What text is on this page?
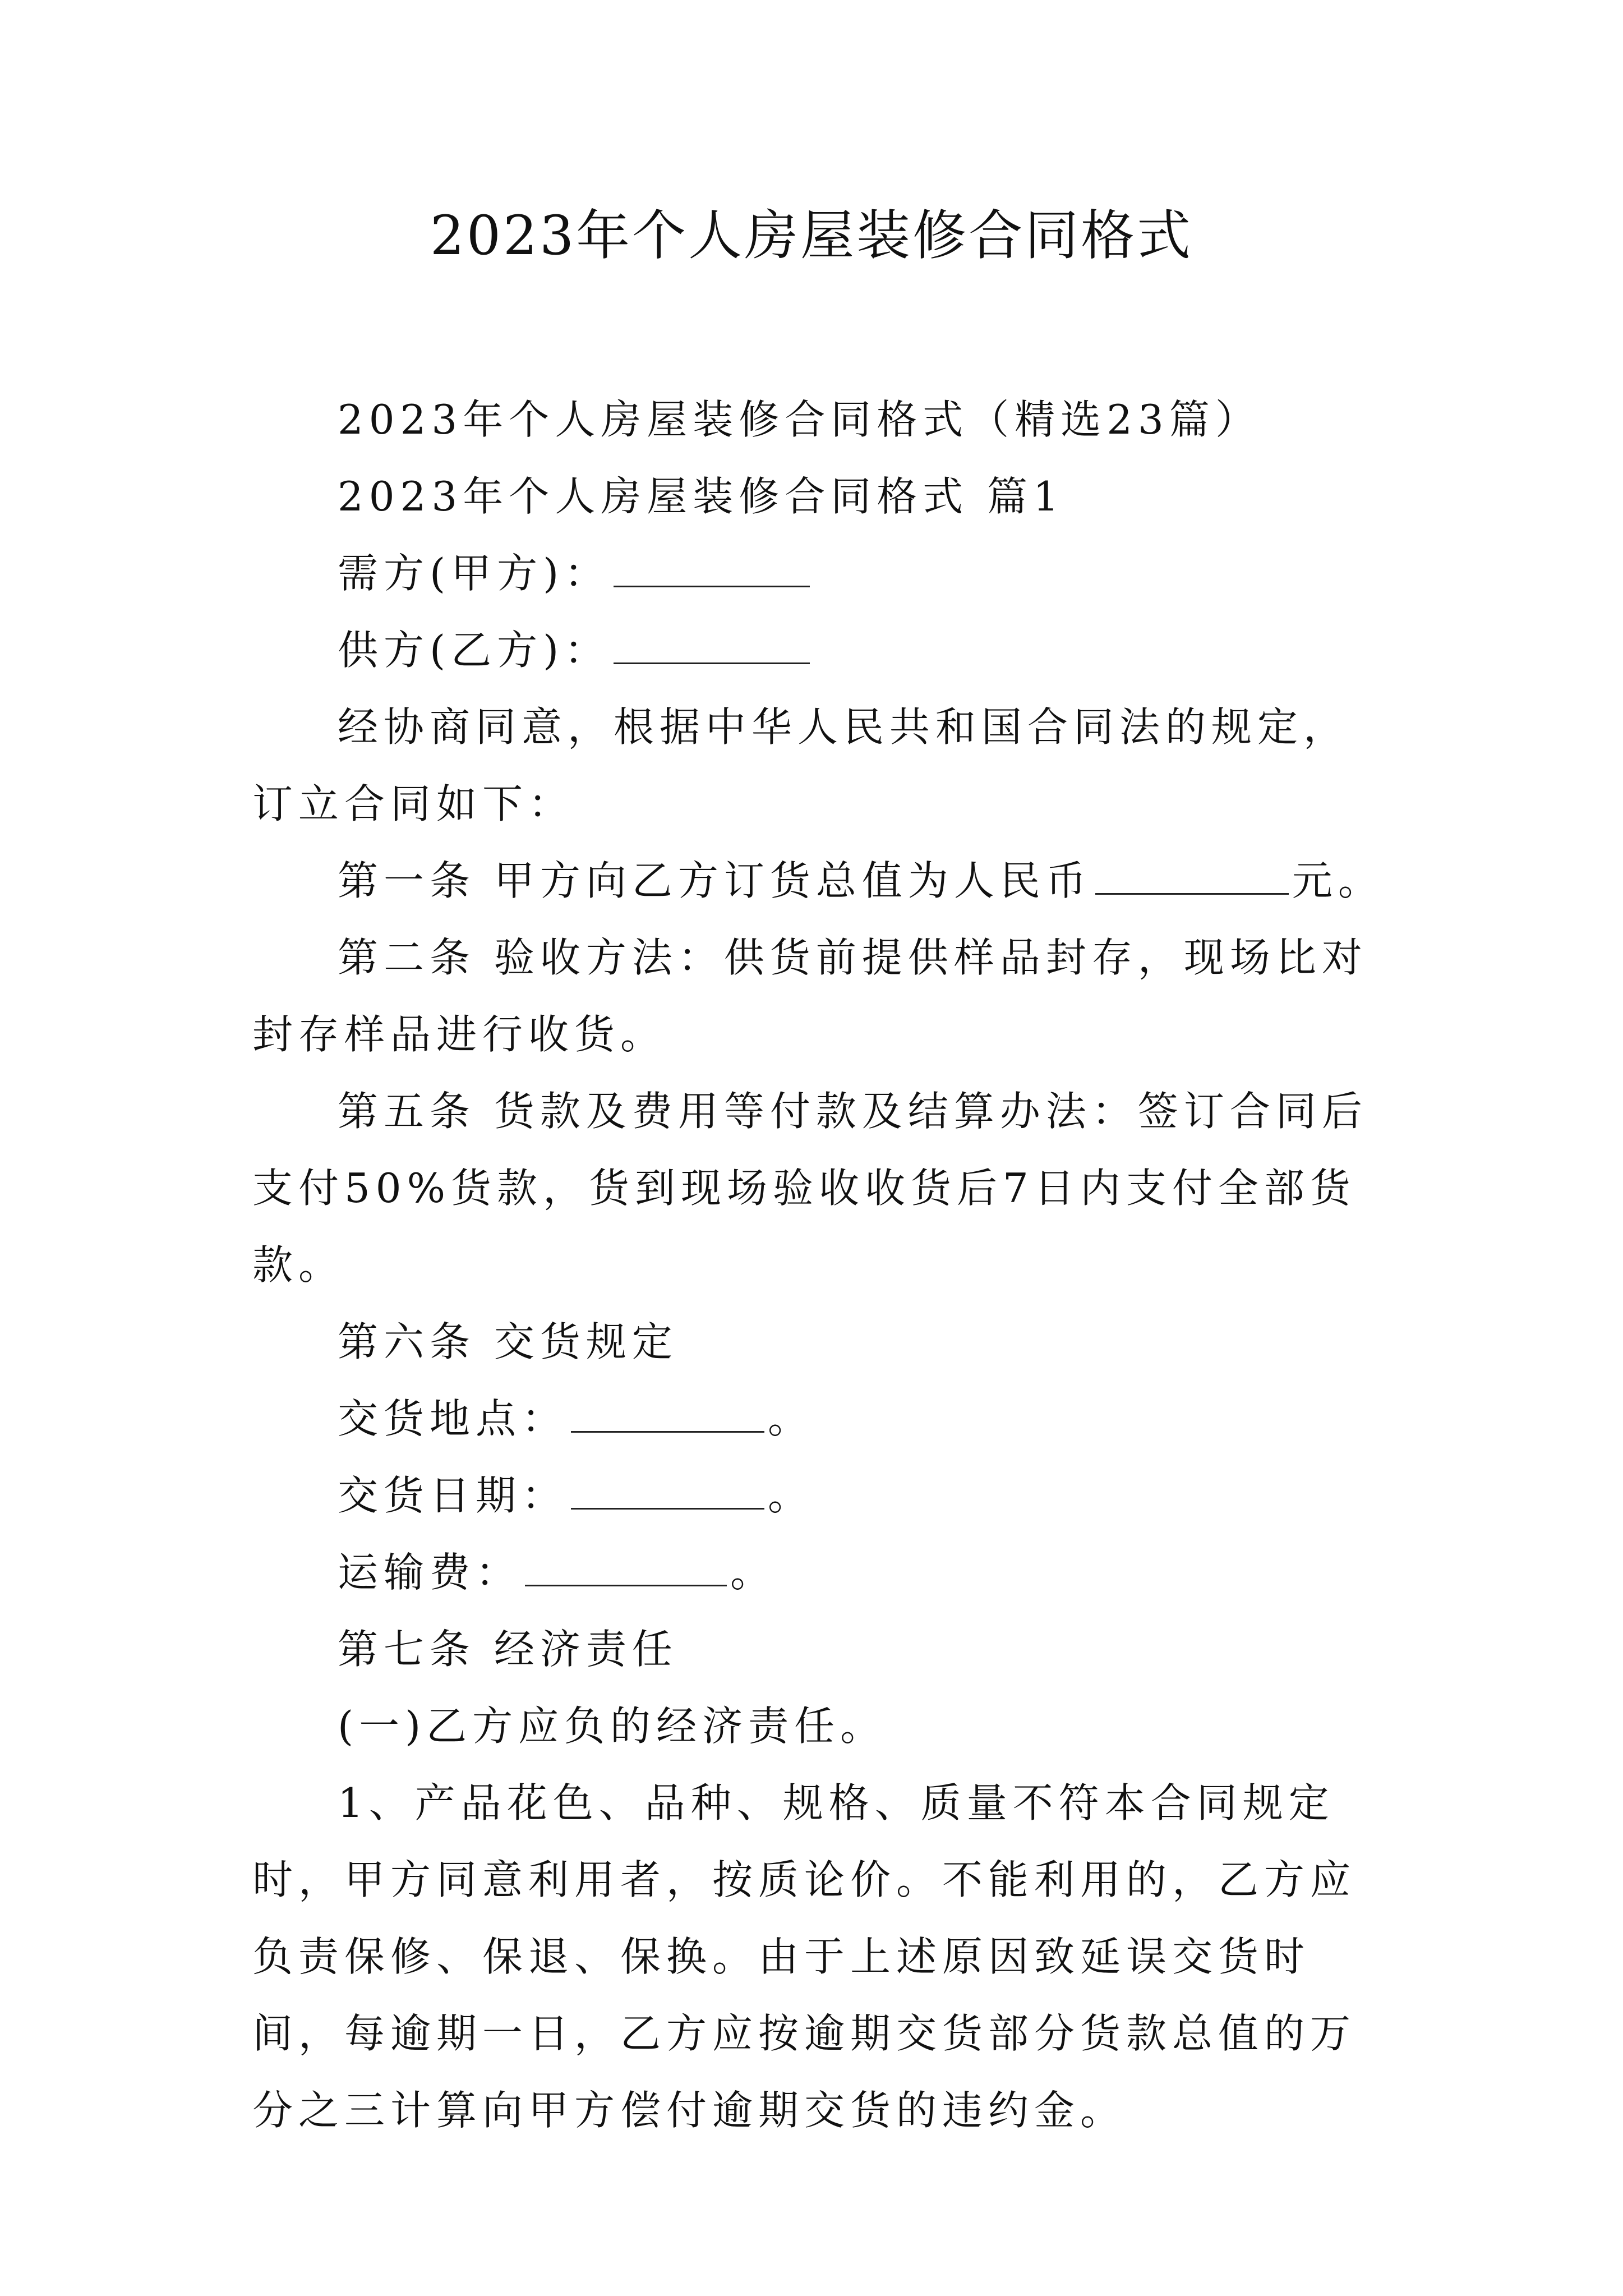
2023年个人房屋装修合同格式

2023年个人房屋装修合同格式（精选23篇）

2023年个人房屋装修合同格式 篇1

需方(甲方)：

供方(乙方)：

经协商同意，根据中华人民共和国合同法的规定，订立合同如下：

第一条 甲方向乙方订货总值为人民币	元。

第二条 验收方法：供货前提供样品封存，现场比对封存样品进行收货。

第五条 货款及费用等付款及结算办法：签订合同后支付50%货款，货到现场验收收货后7日内支付全部货款。

第六条 交货规定

交货地点：	。

交货日期：	。

运输费：	。

第七条 经济责任

(一)乙方应负的经济责任。

1、产品花色、品种、规格、质量不符本合同规定时，甲方同意利用者，按质论价。不能利用的，乙方应负责保修、保退、保换。由于上述原因致延误交货时间，每逾期一日，乙方应按逾期交货部分货款总值的万分之三计算向甲方偿付逾期交货的违约金。
